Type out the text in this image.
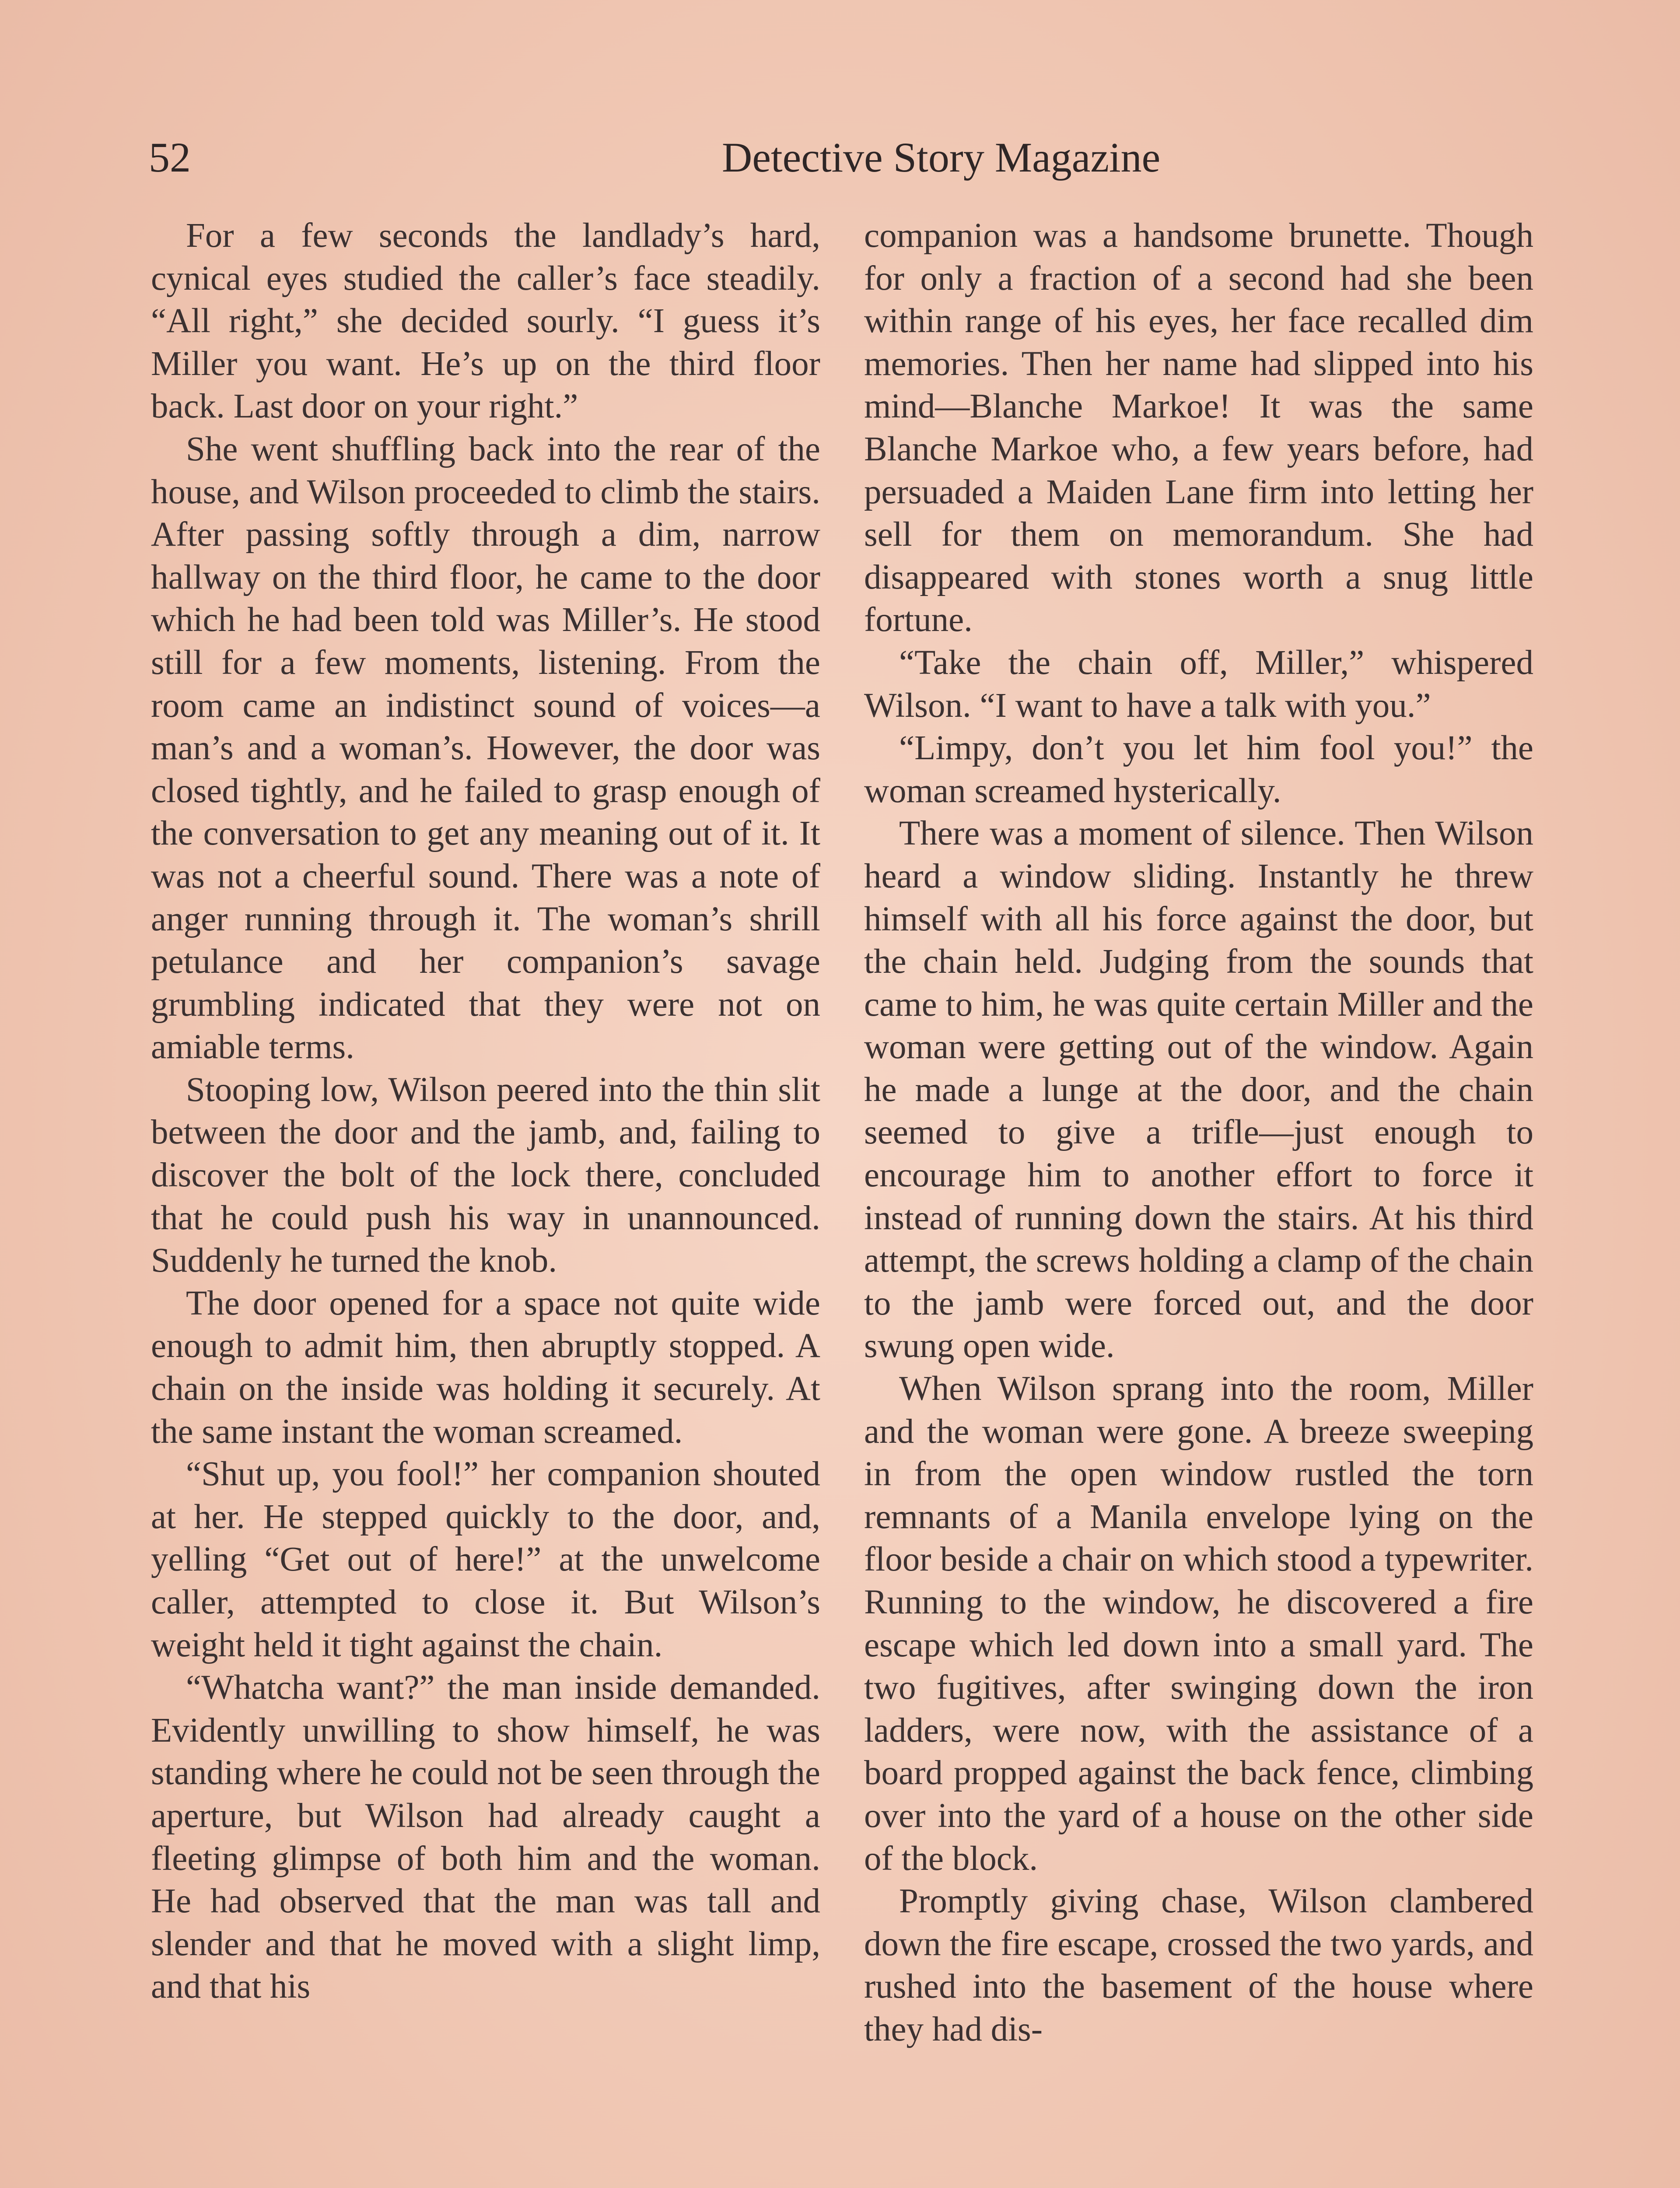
52	Detective Story Magazine

For a few seconds the landlady’s hard, cynical eyes studied the caller’s face steadily. “All right,” she decided sourly. “I guess it’s Miller you want. He’s up on the third floor back. Last door on your right.”

She went shuffling back into the rear of the house, and Wilson proceeded to climb the stairs. After passing softly through a dim, narrow hallway on the third floor, he came to the door which he had been told was Miller’s. He stood still for a few moments, listening. From the room came an indistinct sound of voices—a man’s and a woman’s. However, the door was closed tightly, and he failed to grasp enough of the conversation to get any meaning out of it. It was not a cheerful sound. There was a note of anger running through it. The woman’s shrill petulance and her companion’s savage grumbling indicated that they were not on amiable terms.

Stooping low, Wilson peered into the thin slit between the door and the jamb, and, failing to discover the bolt of the lock there, concluded that he could push his way in unannounced. Suddenly he turned the knob.

The door opened for a space not quite wide enough to admit him, then abruptly stopped. A chain on the inside was holding it securely. At the same instant the woman screamed.

“Shut up, you fool!” her companion shouted at her. He stepped quickly to the door, and, yelling “Get out of here!” at the unwelcome caller, attempted to close it. But Wilson’s weight held it tight against the chain.

“Whatcha want?” the man inside demanded. Evidently unwilling to show himself, he was standing where he could not be seen through the aperture, but Wilson had already caught a fleeting glimpse of both him and the woman. He had observed that the man was tall and slender and that he moved with a slight limp, and that his

companion was a handsome brunette. Though for only a fraction of a second had she been within range of his eyes, her face recalled dim memories. Then her name had slipped into his mind—Blanche Markoe! It was the same Blanche Markoe who, a few years before, had persuaded a Maiden Lane firm into letting her sell for them on memorandum. She had disappeared with stones worth a snug little fortune.

“Take the chain off, Miller,” whispered Wilson. “I want to have a talk with you.”

“Limpy, don’t you let him fool you!” the woman screamed hysterically.

There was a moment of silence. Then Wilson heard a window sliding. Instantly he threw himself with all his force against the door, but the chain held. Judging from the sounds that came to him, he was quite certain Miller and the woman were getting out of the window. Again he made a lunge at the door, and the chain seemed to give a trifle—just enough to encourage him to another effort to force it instead of running down the stairs. At his third attempt, the screws holding a clamp of the chain to the jamb were forced out, and the door swung open wide.

When Wilson sprang into the room, Miller and the woman were gone. A breeze sweeping in from the open window rustled the torn remnants of a Manila envelope lying on the floor beside a chair on which stood a typewriter. Running to the window, he discovered a fire escape which led down into a small yard. The two fugitives, after swinging down the iron ladders, were now, with the assistance of a board propped against the back fence, climbing over into the yard of a house on the other side of the block.

Promptly giving chase, Wilson clambered down the fire escape, crossed the two yards, and rushed into the basement of the house where they had dis-
